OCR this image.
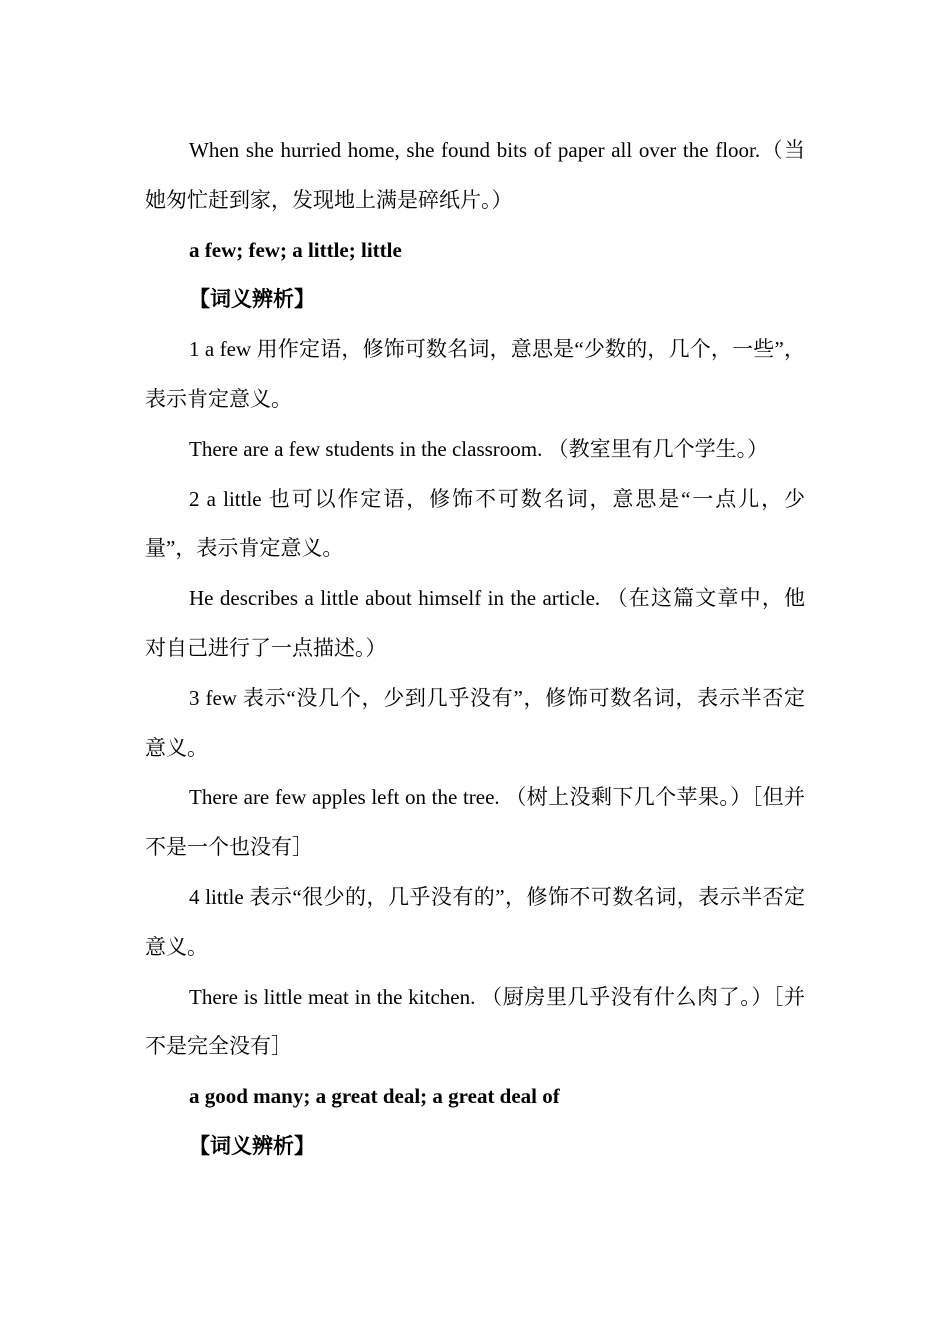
When she hurried home, she found bits of paper all over the floor.（当她匆忙赶到家，发现地上满是碎纸片。）

a few; few; a little; little

【词义辨析】

1 a few 用作定语，修饰可数名词，意思是“少数的，几个，一些”，表示肯定意义。

There are a few students in the classroom. （教室里有几个学生。）

2 a little 也可以作定语，修饰不可数名词，意思是“一点儿，少量”，表示肯定意义。

He describes a little about himself in the article. （在这篇文章中，他对自己进行了一点描述。）

3 few 表示“没几个，少到几乎没有”，修饰可数名词，表示半否定意义。

There are few apples left on the tree. （树上没剩下几个苹果。）［但并不是一个也没有］

4 little 表示“很少的，几乎没有的”，修饰不可数名词，表示半否定意义。

There is little meat in the kitchen. （厨房里几乎没有什么肉了。）［并不是完全没有］

a good many; a great deal; a great deal of

【词义辨析】
